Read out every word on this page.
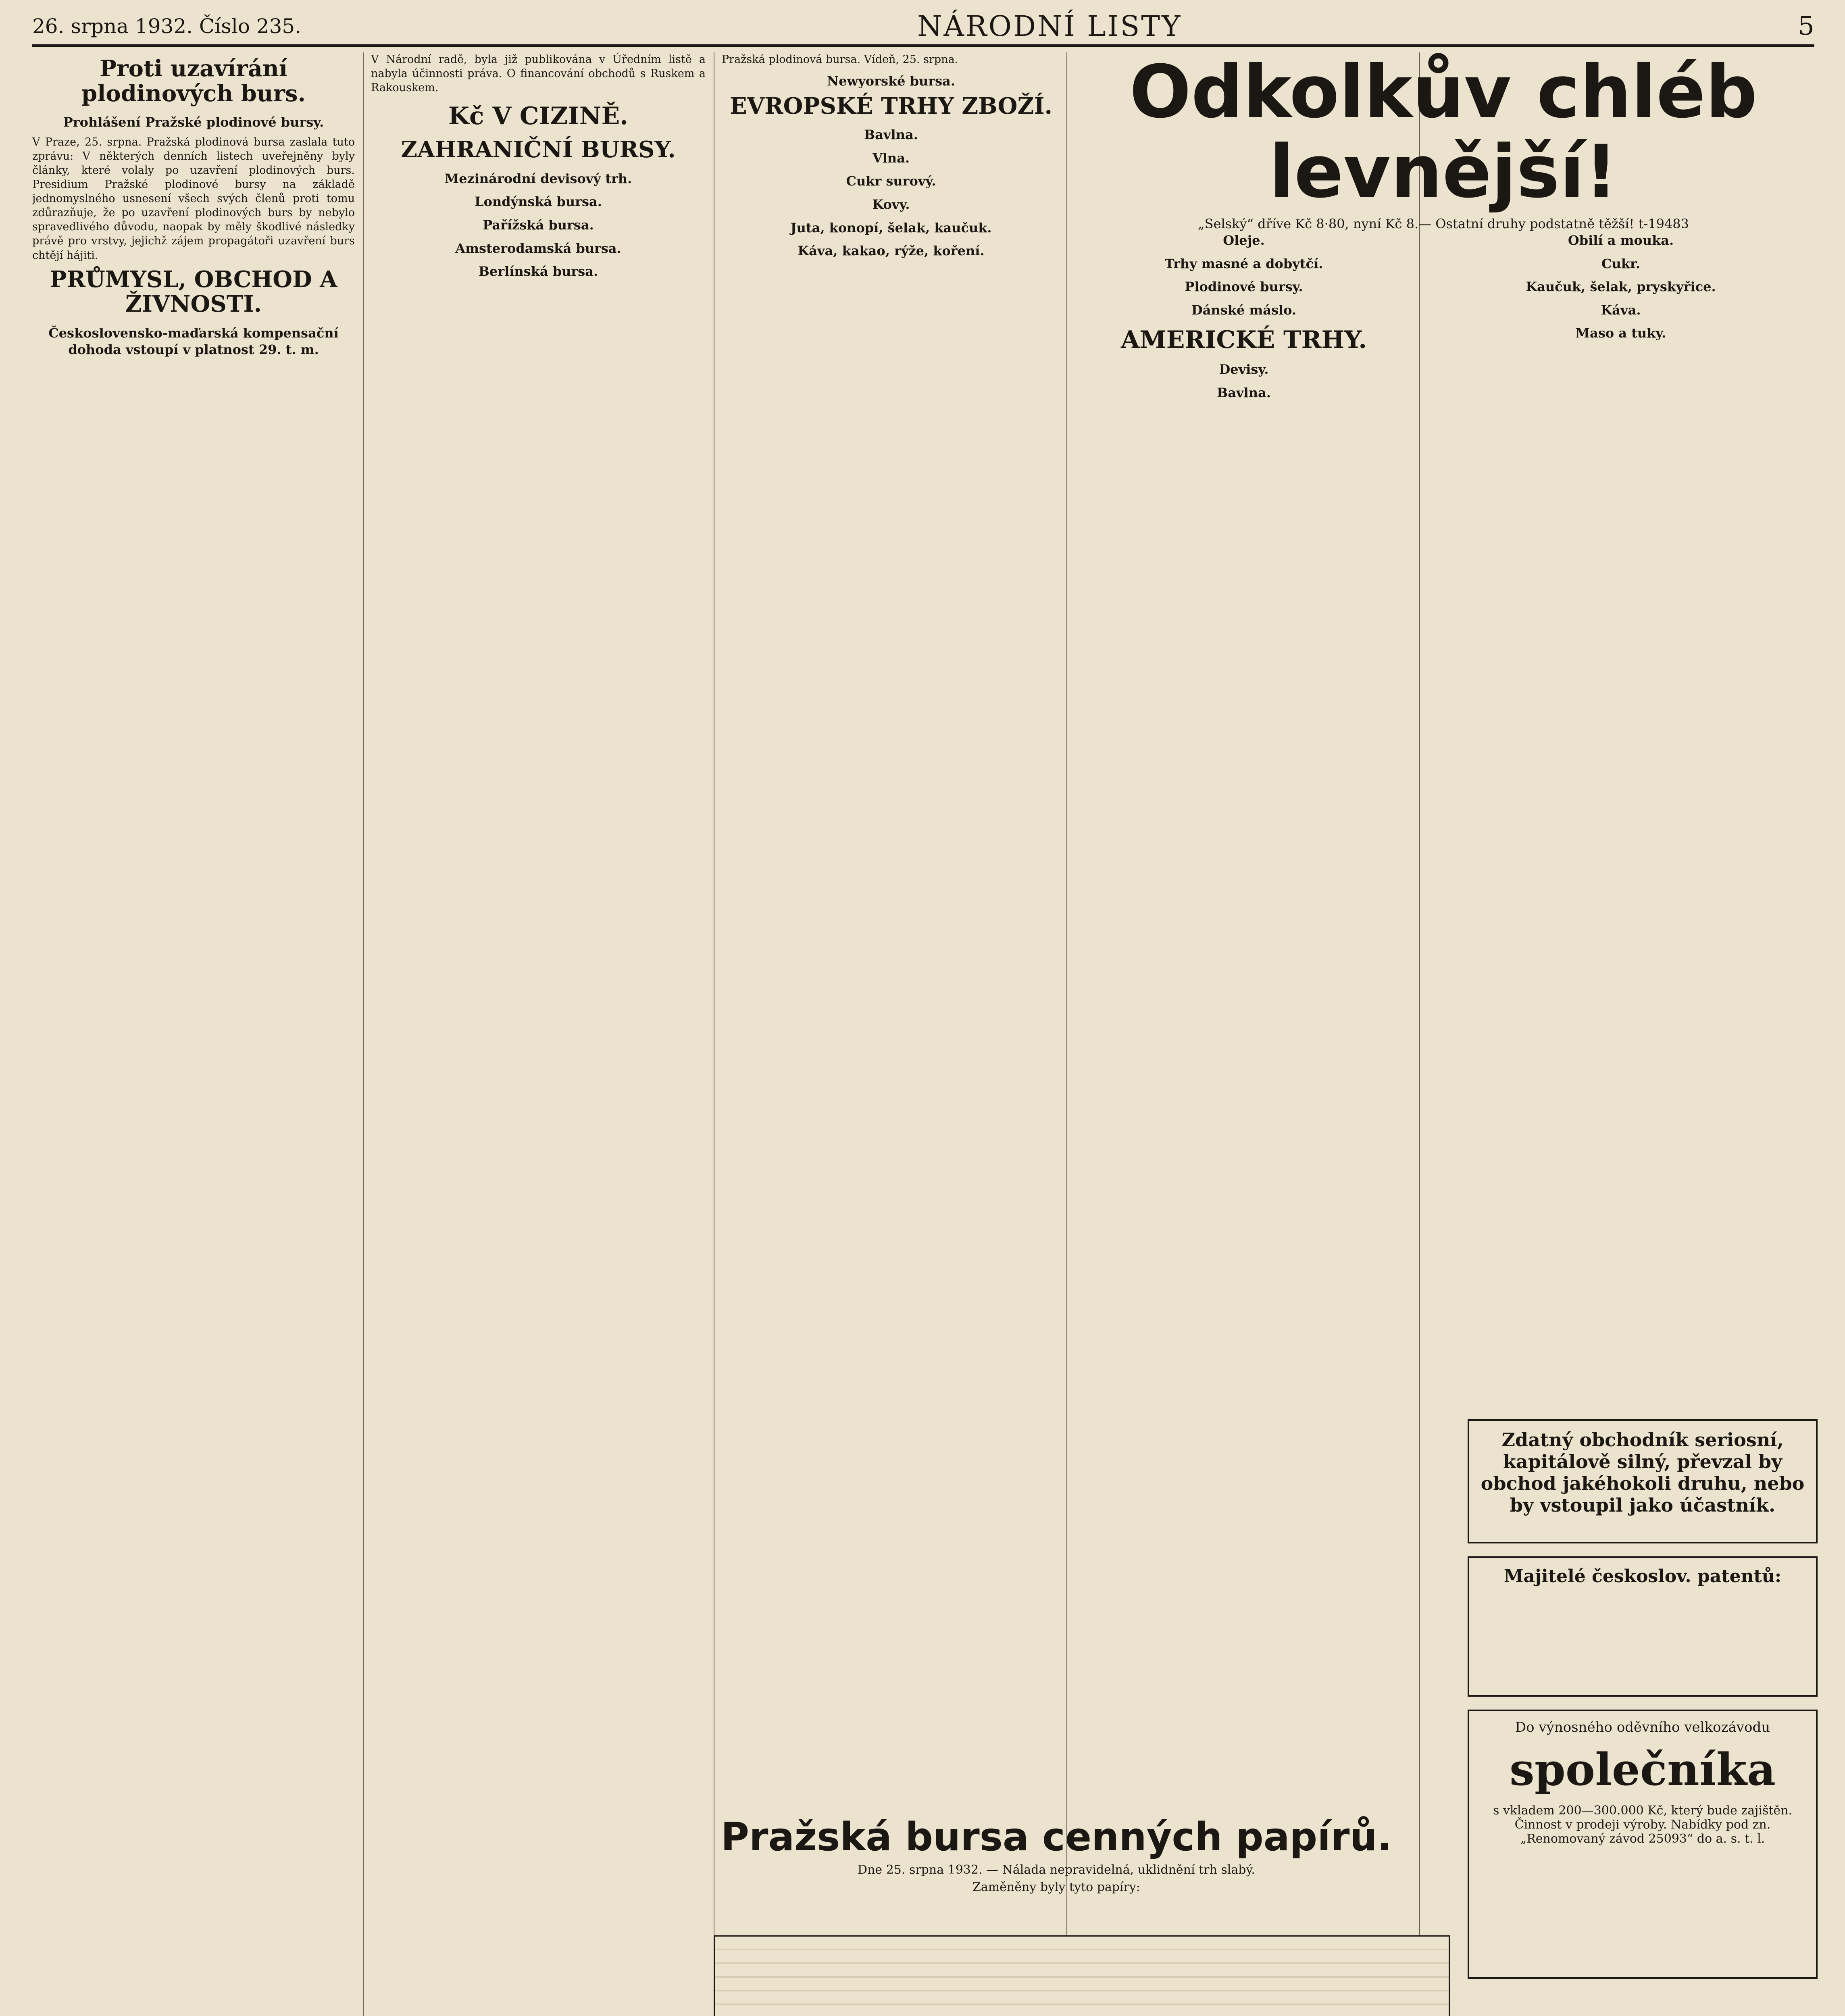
26. srpna 1932. Číslo 235.	NÁRODNÍ LISTY	5
Proti uzavírání plodinových burs.
Prohlášení Pražské plodinové bursy.

V Praze, 25. srpna. Pražská plodinová bursa zaslala tuto zprávu: V některých denních listech uveřejněny byly články, které volaly po uzavření plodinových burs. Presidium Pražské plodinové bursy na základě jednomyslného usnesení všech svých členů proti tomu zdůrazňuje, že po uzavření plodinových burs by nebylo spravedlivého důvodu, naopak by měly škodlivé následky právě pro vrstvy, jejichž zájem propagátoři uzavření burs chtějí hájiti.

PRŮMYSL, OBCHOD A ŽIVNOSTI.
Československo-maďarská kompensační dohoda vstoupí v platnost 29. t. m.

V Národní radě, byla již publikována v Úředním listě a nabyla účinnosti práva. O financování obchodů s Ruskem a Rakouskem.

Kč V CIZINĚ.
ZAHRANIČNÍ BURSY.
Mezinárodní devisový trh.
Londýnská bursa.
Pařížská bursa.
Amsterodamská bursa.
Berlínská bursa.

Pražská plodinová bursa. Vídeň, 25. srpna.

Newyorské bursa.
EVROPSKÉ TRHY ZBOŽÍ.
Bavlna.
Vlna.
Cukr surový.
Kovy.
Juta, konopí, šelak, kaučuk.
Káva, kakao, rýže, koření.
Odkolkův chléb levnější!
„Selský“ dříve Kč 8·80, nyní Kč 8.— Ostatní druhy podstatně těžší! t-19483
Oleje.
Trhy masné a dobytčí.
Plodinové bursy.
Dánské máslo.
AMERICKÉ TRHY.
Devisy.
Bavlna.
Obilí a mouka.
Cukr.
Kaučuk, šelak, pryskyřice.
Káva.
Maso a tuky.
Zdatný obchodník seriosní, kapitálově silný, převzal by obchod jakéhokoli druhu, nebo by vstoupil jako účastník.
Majitelé českoslov. patentů:
Do výnosného oděvního velkozávodu
společníka
s vkladem 200—300.000 Kč, který bude zajištěn. Činnost v prodeji výroby. Nabídky pod zn. „Renomovaný závod 25093“ do a. s. t. l.
Pražská bursa cenných papírů.
Dne 25. srpna 1932. — Nálada nepravidelná, uklidnění trh slabý.
Zaměněny byly tyto papíry:
